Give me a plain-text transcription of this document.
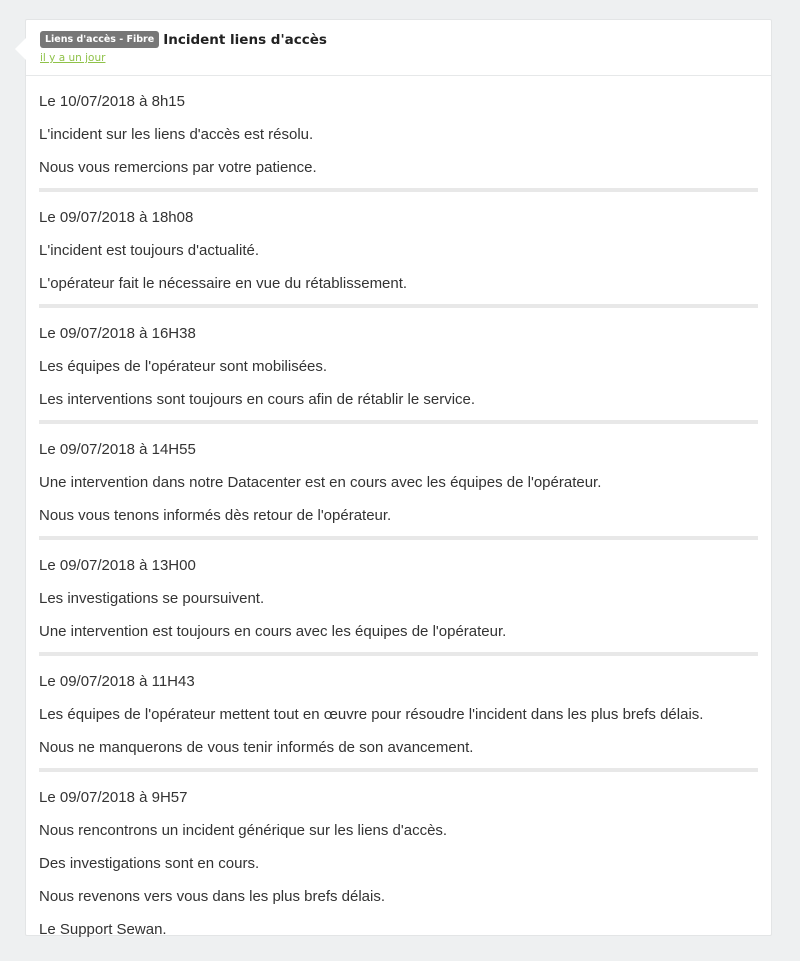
Liens d'accès - Fibre Incident liens d'accès
il y a un jour
Le 10/07/2018 à 8h15
L'incident sur les liens d'accès est résolu.
Nous vous remercions par votre patience.
Le 09/07/2018 à 18h08
L'incident est toujours d'actualité.
L'opérateur fait le nécessaire en vue du rétablissement.
Le 09/07/2018 à 16H38
Les équipes de l'opérateur sont mobilisées.
Les interventions sont toujours en cours afin de rétablir le service.
Le 09/07/2018 à 14H55
Une intervention dans notre Datacenter est en cours avec les équipes de l'opérateur.
Nous vous tenons informés dès retour de l'opérateur.
Le 09/07/2018 à 13H00
Les investigations se poursuivent.
Une intervention est toujours en cours avec les équipes de l'opérateur.
Le 09/07/2018 à 11H43
Les équipes de l'opérateur mettent tout en œuvre pour résoudre l'incident dans les plus brefs délais.
Nous ne manquerons de vous tenir informés de son avancement.
Le 09/07/2018 à 9H57
Nous rencontrons un incident générique sur les liens d'accès.
Des investigations sont en cours.
Nous revenons vers vous dans les plus brefs délais.
Le Support Sewan.
